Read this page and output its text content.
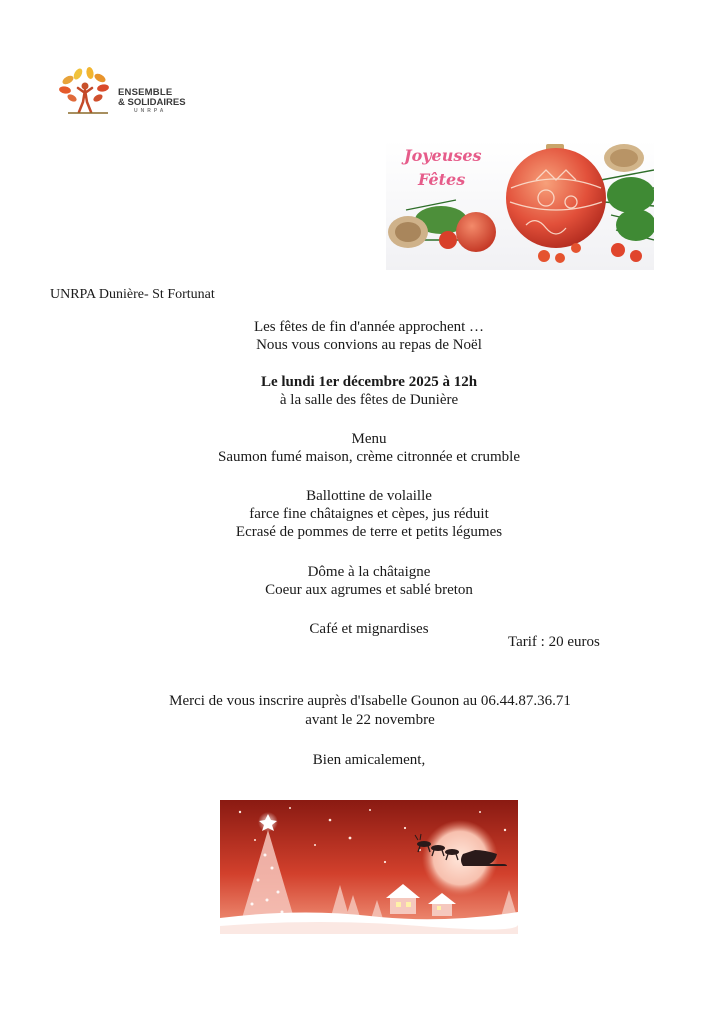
ENSEMBLE
& SOLIDAIRES
UNRPA
Joyeuses
Fêtes
UNRPA Dunière- St Fortunat
Les fêtes de fin d'année approchent …
Nous vous convions au repas de Noël
Le lundi 1er décembre 2025 à 12h
à la salle des fêtes de Dunière
Menu
Saumon fumé maison, crème citronnée et crumble
Ballottine de volaille
farce fine châtaignes et cèpes, jus réduit
Ecrasé de pommes de terre et petits légumes
Dôme à la châtaigne
Coeur aux agrumes et sablé breton
Café et mignardises
Tarif : 20 euros
Merci de vous inscrire auprès d'Isabelle Gounon au 06.44.87.36.71
avant le 22 novembre
Bien amicalement,
